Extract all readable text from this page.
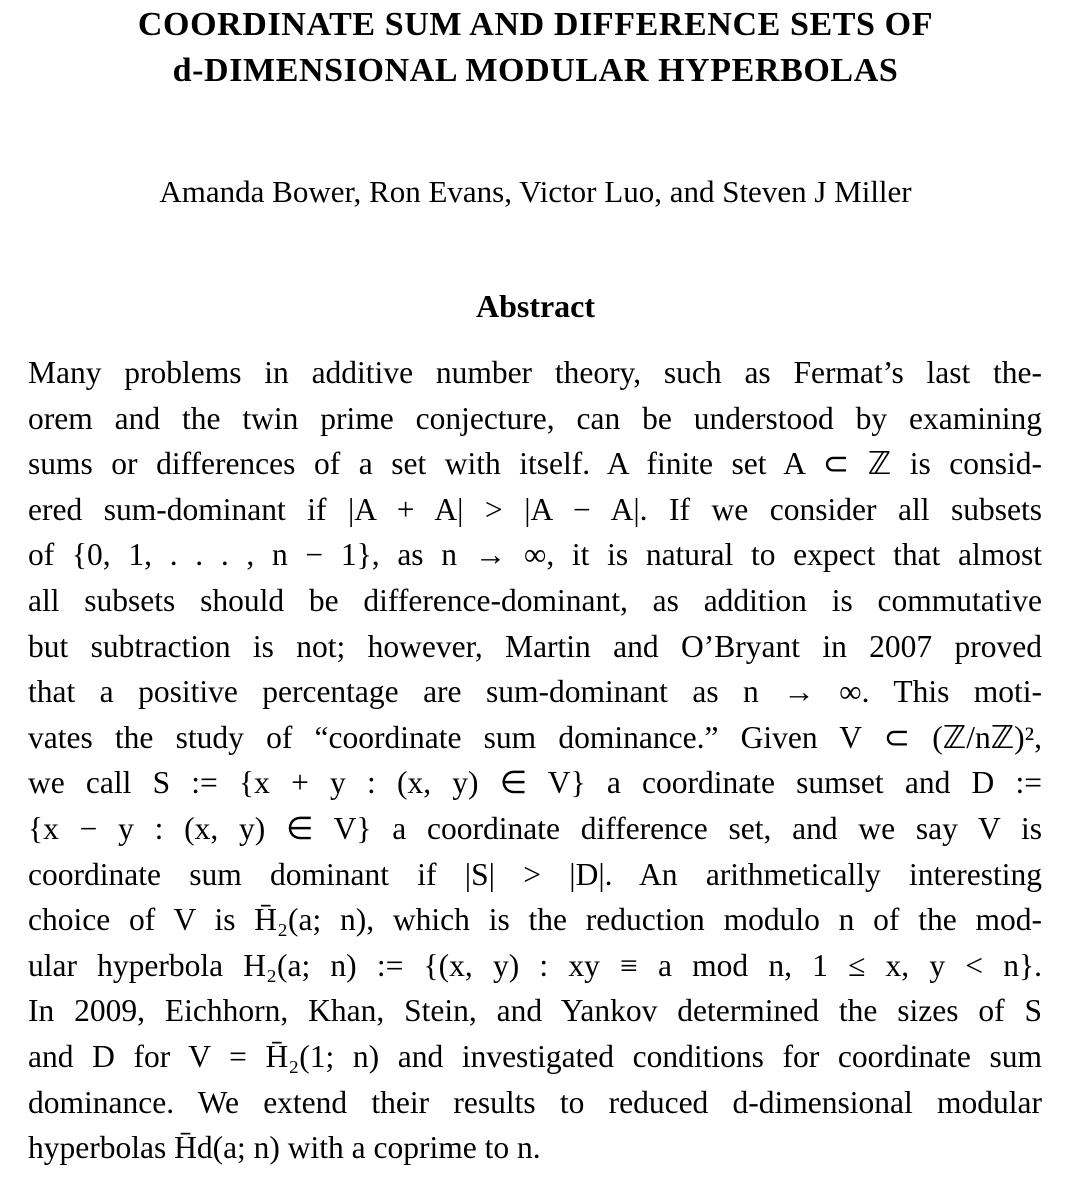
COORDINATE SUM AND DIFFERENCE SETS OF
d-DIMENSIONAL MODULAR HYPERBOLAS
Amanda Bower, Ron Evans, Victor Luo, and Steven J Miller
Abstract
Many problems in additive number theory, such as Fermat’s last the-
orem and the twin prime conjecture, can be understood by examining
sums or differences of a set with itself. A finite set A ⊂ ℤ is consid-
ered sum-dominant if |A + A| > |A − A|. If we consider all subsets
of {0, 1, . . . , n − 1}, as n → ∞, it is natural to expect that almost
all subsets should be difference-dominant, as addition is commutative
but subtraction is not; however, Martin and O’Bryant in 2007 proved
that a positive percentage are sum-dominant as n → ∞. This moti-
vates the study of “coordinate sum dominance.” Given V ⊂ (ℤ/nℤ)²,
we call S := {x + y : (x, y) ∈ V} a coordinate sumset and D :=
{x − y : (x, y) ∈ V} a coordinate difference set, and we say V is
coordinate sum dominant if |S| > |D|. An arithmetically interesting
choice of V is H̄₂(a; n), which is the reduction modulo n of the mod-
ular hyperbola H₂(a; n) := {(x, y) : xy ≡ a mod n, 1 ≤ x, y < n}.
In 2009, Eichhorn, Khan, Stein, and Yankov determined the sizes of S
and D for V = H̄₂(1; n) and investigated conditions for coordinate sum
dominance. We extend their results to reduced d-dimensional modular
hyperbolas H̄d(a; n) with a coprime to n.
